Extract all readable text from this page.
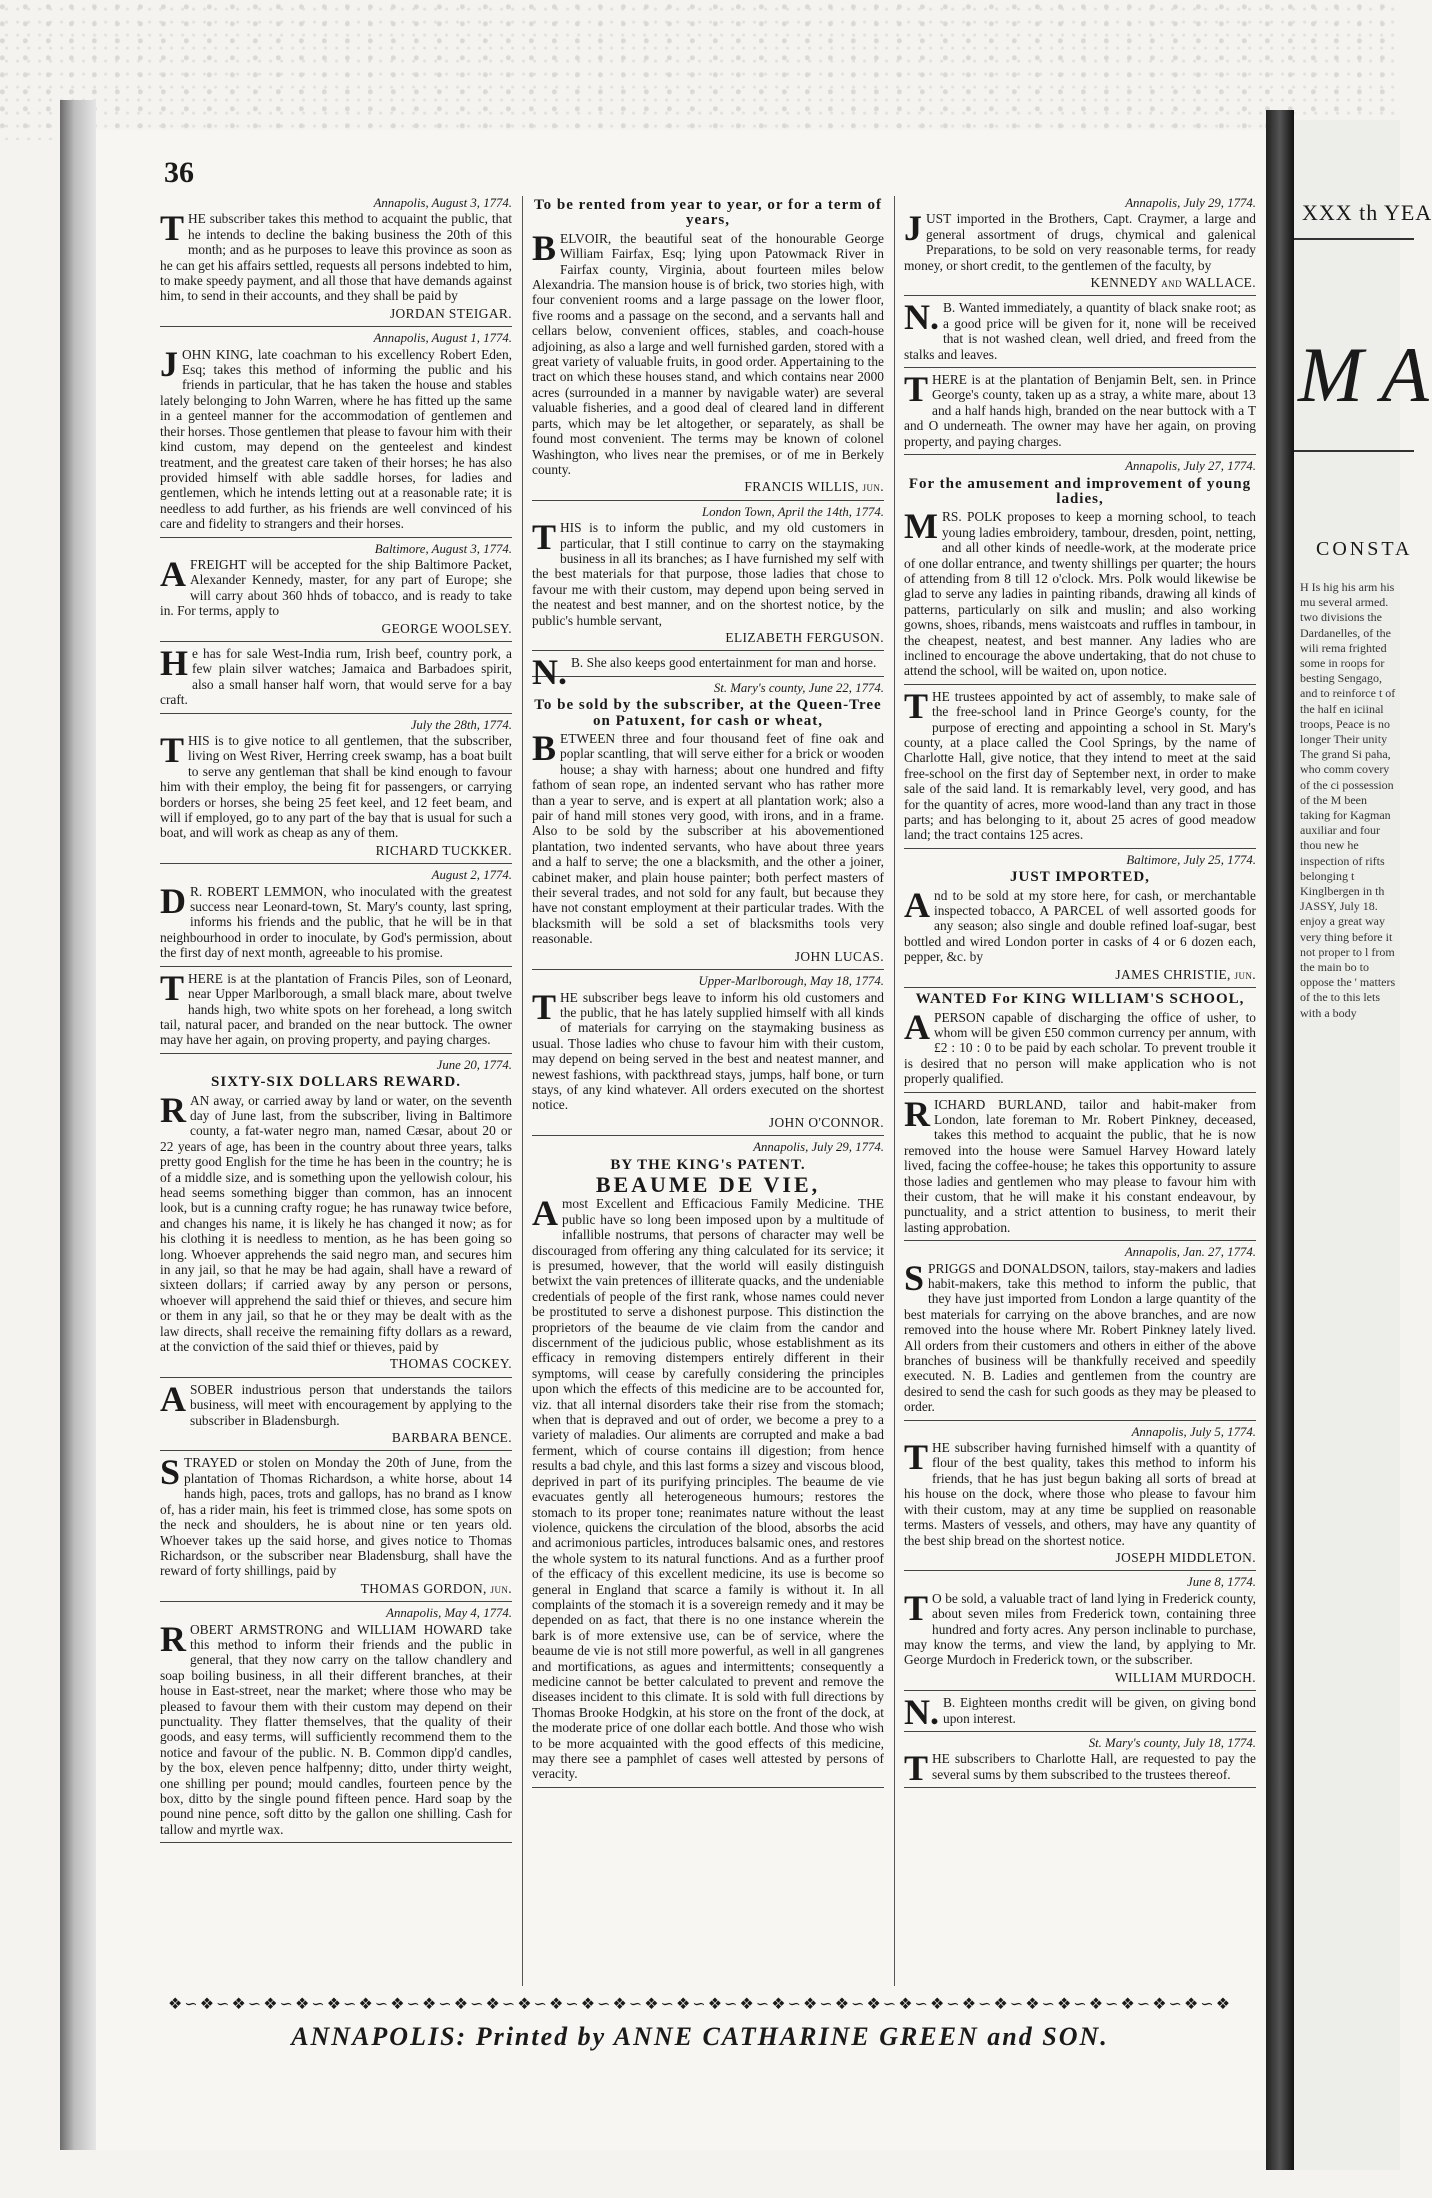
XXX th YEA
M A
CONSTA
H Is hig his arm his mu several armed. two divisions the Dardanelles, of the wili rema frighted some in roops for besting Sengago, and to reinforce t of the half en iciinal troops, Peace is no longer Their unity The grand Si paha, who comm covery of the ci possession of the M been taking for Kagman auxiliar and four thou new he inspection of rifts belonging t Kinglbergen in th JASSY, July 18. enjoy a great way very thing before it not proper to l from the main bo to oppose the ' matters of the to this lets with a body
36
Annapolis, August 3, 1774.

THE subscriber takes this method to acquaint the public, that he intends to decline the baking business the 20th of this month; and as he purposes to leave this province as soon as he can get his affairs settled, requests all persons indebted to him, to make speedy payment, and all those that have demands against him, to send in their accounts, and they shall be paid by

JORDAN STEIGAR.
Annapolis, August 1, 1774.

JOHN KING, late coachman to his excellency Robert Eden, Esq; takes this method of informing the public and his friends in particular, that he has taken the house and stables lately belonging to John Warren, where he has fitted up the same in a genteel manner for the accommodation of gentlemen and their horses. Those gentlemen that please to favour him with their kind custom, may depend on the genteelest and kindest treatment, and the greatest care taken of their horses; he has also provided himself with able saddle horses, for ladies and gentlemen, which he intends letting out at a reasonable rate; it is needless to add further, as his friends are well convinced of his care and fidelity to strangers and their horses.

Baltimore, August 3, 1774.

AFREIGHT will be accepted for the ship Baltimore Packet, Alexander Kennedy, master, for any part of Europe; she will carry about 360 hhds of tobacco, and is ready to take in. For terms, apply to

GEORGE WOOLSEY.

He has for sale West-India rum, Irish beef, country pork, a few plain silver watches; Jamaica and Barbadoes spirit, also a small hanser half worn, that would serve for a bay craft.

July the 28th, 1774.

THIS is to give notice to all gentlemen, that the subscriber, living on West River, Herring creek swamp, has a boat built to serve any gentleman that shall be kind enough to favour him with their employ, the being fit for passengers, or carrying borders or horses, she being 25 feet keel, and 12 feet beam, and will if employed, go to any part of the bay that is usual for such a boat, and will work as cheap as any of them.

RICHARD TUCKKER.
August 2, 1774.

DR. ROBERT LEMMON, who inoculated with the greatest success near Leonard-town, St. Mary's county, last spring, informs his friends and the public, that he will be in that neighbourhood in order to inoculate, by God's permission, about the first day of next month, agreeable to his promise.

THERE is at the plantation of Francis Piles, son of Leonard, near Upper Marlborough, a small black mare, about twelve hands high, two white spots on her forehead, a long switch tail, natural pacer, and branded on the near buttock. The owner may have her again, on proving property, and paying charges.

June 20, 1774.
SIXTY-SIX DOLLARS REWARD.

RAN away, or carried away by land or water, on the seventh day of June last, from the subscriber, living in Baltimore county, a fat-water negro man, named Cæsar, about 20 or 22 years of age, has been in the country about three years, talks pretty good English for the time he has been in the country; he is of a middle size, and is something upon the yellowish colour, his head seems something bigger than common, has an innocent look, but is a cunning crafty rogue; he has runaway twice before, and changes his name, it is likely he has changed it now; as for his clothing it is needless to mention, as he has been going so long. Whoever apprehends the said negro man, and secures him in any jail, so that he may be had again, shall have a reward of sixteen dollars; if carried away by any person or persons, whoever will apprehend the said thief or thieves, and secure him or them in any jail, so that he or they may be dealt with as the law directs, shall receive the remaining fifty dollars as a reward, at the conviction of the said thief or thieves, paid by

THOMAS COCKEY.

ASOBER industrious person that understands the tailors business, will meet with encouragement by applying to the subscriber in Bladensburgh.

BARBARA BENCE.

STRAYED or stolen on Monday the 20th of June, from the plantation of Thomas Richardson, a white horse, about 14 hands high, paces, trots and gallops, has no brand as I know of, has a rider main, his feet is trimmed close, has some spots on the neck and shoulders, he is about nine or ten years old. Whoever takes up the said horse, and gives notice to Thomas Richardson, or the subscriber near Bladensburg, shall have the reward of forty shillings, paid by

THOMAS GORDON, jun.
Annapolis, May 4, 1774.

ROBERT ARMSTRONG and WILLIAM HOWARD take this method to inform their friends and the public in general, that they now carry on the tallow chandlery and soap boiling business, in all their different branches, at their house in East-street, near the market; where those who may be pleased to favour them with their custom may depend on their punctuality. They flatter themselves, that the quality of their goods, and easy terms, will sufficiently recommend them to the notice and favour of the public. N. B. Common dipp'd candles, by the box, eleven pence halfpenny; ditto, under thirty weight, one shilling per pound; mould candles, fourteen pence by the box, ditto by the single pound fifteen pence. Hard soap by the pound nine pence, soft ditto by the gallon one shilling. Cash for tallow and myrtle wax.

To be rented from year to year, or for a term of years,

BELVOIR, the beautiful seat of the honourable George William Fairfax, Esq; lying upon Patowmack River in Fairfax county, Virginia, about fourteen miles below Alexandria. The mansion house is of brick, two stories high, with four convenient rooms and a large passage on the lower floor, five rooms and a passage on the second, and a servants hall and cellars below, convenient offices, stables, and coach-house adjoining, as also a large and well furnished garden, stored with a great variety of valuable fruits, in good order. Appertaining to the tract on which these houses stand, and which contains near 2000 acres (surrounded in a manner by navigable water) are several valuable fisheries, and a good deal of cleared land in different parts, which may be let altogether, or separately, as shall be found most convenient. The terms may be known of colonel Washington, who lives near the premises, or of me in Berkely county.

FRANCIS WILLIS, jun.
London Town, April the 14th, 1774.

THIS is to inform the public, and my old customers in particular, that I still continue to carry on the staymaking business in all its branches; as I have furnished my self with the best materials for that purpose, those ladies that chose to favour me with their custom, may depend upon being served in the neatest and best manner, and on the shortest notice, by the public's humble servant,

ELIZABETH FERGUSON.

N.B. She also keeps good entertainment for man and horse.

St. Mary's county, June 22, 1774.
To be sold by the subscriber, at the Queen-Tree on Patuxent, for cash or wheat,

BETWEEN three and four thousand feet of fine oak and poplar scantling, that will serve either for a brick or wooden house; a shay with harness; about one hundred and fifty fathom of sean rope, an indented servant who has rather more than a year to serve, and is expert at all plantation work; also a pair of hand mill stones very good, with irons, and in a frame. Also to be sold by the subscriber at his abovementioned plantation, two indented servants, who have about three years and a half to serve; the one a blacksmith, and the other a joiner, cabinet maker, and plain house painter; both perfect masters of their several trades, and not sold for any fault, but because they have not constant employment at their particular trades. With the blacksmith will be sold a set of blacksmiths tools very reasonable.

JOHN LUCAS.
Upper-Marlborough, May 18, 1774.

THE subscriber begs leave to inform his old customers and the public, that he has lately supplied himself with all kinds of materials for carrying on the staymaking business as usual. Those ladies who chuse to favour him with their custom, may depend on being served in the best and neatest manner, and newest fashions, with packthread stays, jumps, half bone, or turn stays, of any kind whatever. All orders executed on the shortest notice.

JOHN O'CONNOR.
Annapolis, July 29, 1774.
BY THE KING's PATENT.
BEAUME DE VIE,

Amost Excellent and Efficacious Family Medicine. THE public have so long been imposed upon by a multitude of infallible nostrums, that persons of character may well be discouraged from offering any thing calculated for its service; it is presumed, however, that the world will easily distinguish betwixt the vain pretences of illiterate quacks, and the undeniable credentials of people of the first rank, whose names could never be prostituted to serve a dishonest purpose. This distinction the proprietors of the beaume de vie claim from the candor and discernment of the judicious public, whose establishment as its efficacy in removing distempers entirely different in their symptoms, will cease by carefully considering the principles upon which the effects of this medicine are to be accounted for, viz. that all internal disorders take their rise from the stomach; when that is depraved and out of order, we become a prey to a variety of maladies. Our aliments are corrupted and make a bad ferment, which of course contains ill digestion; from hence results a bad chyle, and this last forms a sizey and viscous blood, deprived in part of its purifying principles. The beaume de vie evacuates gently all heterogeneous humours; restores the stomach to its proper tone; reanimates nature without the least violence, quickens the circulation of the blood, absorbs the acid and acrimonious particles, introduces balsamic ones, and restores the whole system to its natural functions. And as a further proof of the efficacy of this excellent medicine, its use is become so general in England that scarce a family is without it. In all complaints of the stomach it is a sovereign remedy and it may be depended on as fact, that there is no one instance wherein the bark is of more extensive use, can be of service, where the beaume de vie is not still more powerful, as well in all gangrenes and mortifications, as agues and intermittents; consequently a medicine cannot be better calculated to prevent and remove the diseases incident to this climate. It is sold with full directions by Thomas Brooke Hodgkin, at his store on the front of the dock, at the moderate price of one dollar each bottle. And those who wish to be more acquainted with the good effects of this medicine, may there see a pamphlet of cases well attested by persons of veracity.

Annapolis, July 29, 1774.

JUST imported in the Brothers, Capt. Craymer, a large and general assortment of drugs, chymical and galenical Preparations, to be sold on very reasonable terms, for ready money, or short credit, to the gentlemen of the faculty, by

KENNEDY and WALLACE.

N.B. Wanted immediately, a quantity of black snake root; as a good price will be given for it, none will be received that is not washed clean, well dried, and freed from the stalks and leaves.

THERE is at the plantation of Benjamin Belt, sen. in Prince George's county, taken up as a stray, a white mare, about 13 and a half hands high, branded on the near buttock with a T and O underneath. The owner may have her again, on proving property, and paying charges.

Annapolis, July 27, 1774.
For the amusement and improvement of young ladies,

MRS. POLK proposes to keep a morning school, to teach young ladies embroidery, tambour, dresden, point, netting, and all other kinds of needle-work, at the moderate price of one dollar entrance, and twenty shillings per quarter; the hours of attending from 8 till 12 o'clock. Mrs. Polk would likewise be glad to serve any ladies in painting ribands, drawing all kinds of patterns, particularly on silk and muslin; and also working gowns, shoes, ribands, mens waistcoats and ruffles in tambour, in the cheapest, neatest, and best manner. Any ladies who are inclined to encourage the above undertaking, that do not chuse to attend the school, will be waited on, upon notice.

THE trustees appointed by act of assembly, to make sale of the free-school land in Prince George's county, for the purpose of erecting and appointing a school in St. Mary's county, at a place called the Cool Springs, by the name of Charlotte Hall, give notice, that they intend to meet at the said free-school on the first day of September next, in order to make sale of the said land. It is remarkably level, very good, and has for the quantity of acres, more wood-land than any tract in those parts; and has belonging to it, about 25 acres of good meadow land; the tract contains 125 acres.

Baltimore, July 25, 1774.
JUST IMPORTED,

And to be sold at my store here, for cash, or merchantable inspected tobacco, A PARCEL of well assorted goods for any season; also single and double refined loaf-sugar, best bottled and wired London porter in casks of 4 or 6 dozen each, pepper, &c. by

JAMES CHRISTIE, jun.
WANTED For KING WILLIAM'S SCHOOL,

APERSON capable of discharging the office of usher, to whom will be given £50 common currency per annum, with £2 : 10 : 0 to be paid by each scholar. To prevent trouble it is desired that no person will make application who is not properly qualified.

RICHARD BURLAND, tailor and habit-maker from London, late foreman to Mr. Robert Pinkney, deceased, takes this method to acquaint the public, that he is now removed into the house were Samuel Harvey Howard lately lived, facing the coffee-house; he takes this opportunity to assure those ladies and gentlemen who may please to favour him with their custom, that he will make it his constant endeavour, by punctuality, and a strict attention to business, to merit their lasting approbation.

Annapolis, Jan. 27, 1774.

SPRIGGS and DONALDSON, tailors, stay-makers and ladies habit-makers, take this method to inform the public, that they have just imported from London a large quantity of the best materials for carrying on the above branches, and are now removed into the house where Mr. Robert Pinkney lately lived. All orders from their customers and others in either of the above branches of business will be thankfully received and speedily executed. N. B. Ladies and gentlemen from the country are desired to send the cash for such goods as they may be pleased to order.

Annapolis, July 5, 1774.

THE subscriber having furnished himself with a quantity of flour of the best quality, takes this method to inform his friends, that he has just begun baking all sorts of bread at his house on the dock, where those who please to favour him with their custom, may at any time be supplied on reasonable terms. Masters of vessels, and others, may have any quantity of the best ship bread on the shortest notice.

JOSEPH MIDDLETON.
June 8, 1774.

TO be sold, a valuable tract of land lying in Frederick county, about seven miles from Frederick town, containing three hundred and forty acres. Any person inclinable to purchase, may know the terms, and view the land, by applying to Mr. George Murdoch in Frederick town, or the subscriber.

WILLIAM MURDOCH.

N.B. Eighteen months credit will be given, on giving bond upon interest.

St. Mary's county, July 18, 1774.

THE subscribers to Charlotte Hall, are requested to pay the several sums by them subscribed to the trustees thereof.

❖∽❖∽❖∽❖∽❖∽❖∽❖∽❖∽❖∽❖∽❖∽❖∽❖∽❖∽❖∽❖∽❖∽❖∽❖∽❖∽❖∽❖∽❖∽❖∽❖∽❖∽❖∽❖∽❖∽❖∽❖∽❖∽❖∽❖
ANNAPOLIS: Printed by ANNE CATHARINE GREEN and SON.
